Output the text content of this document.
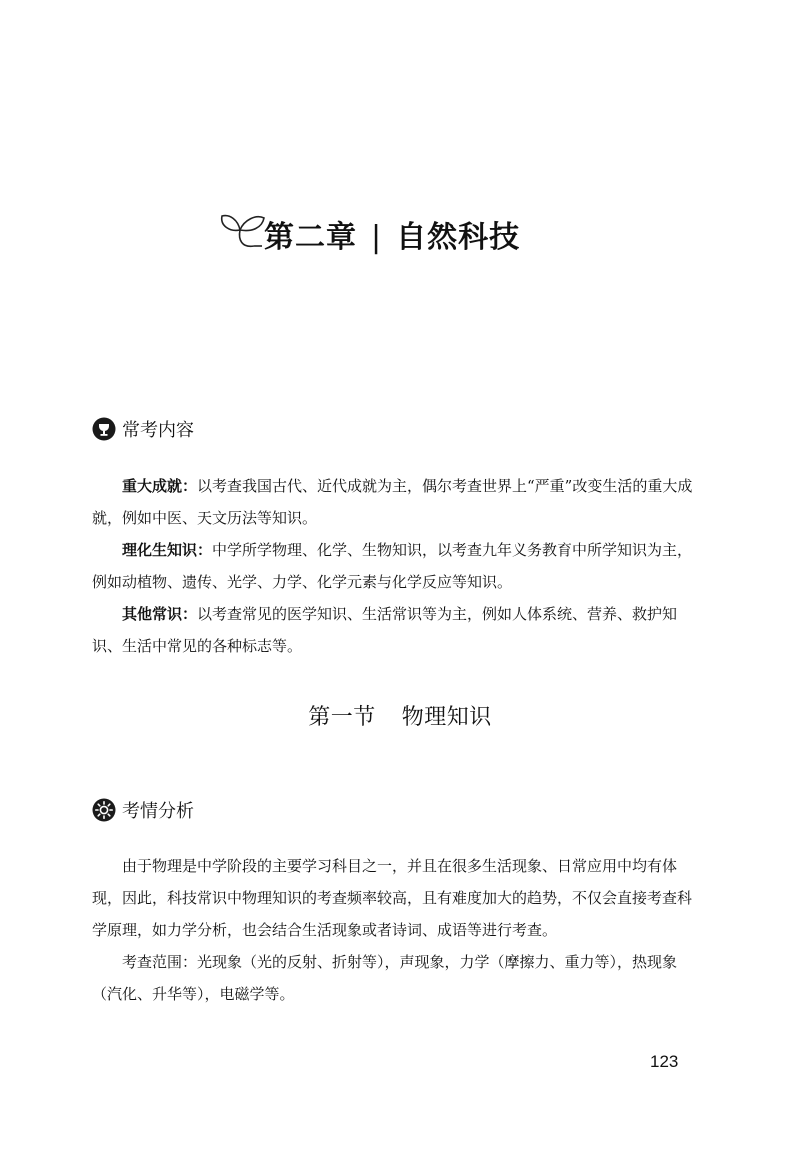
第二章 | 自然科技
常考内容

重大成就：以考查我国古代、近代成就为主，偶尔考查世界上“严重”改变生活的重大成就，例如中医、天文历法等知识。

理化生知识：中学所学物理、化学、生物知识，以考查九年义务教育中所学知识为主，例如动植物、遗传、光学、力学、化学元素与化学反应等知识。

其他常识：以考查常见的医学知识、生活常识等为主，例如人体系统、营养、救护知识、生活中常见的各种标志等。

第一节 物理知识
考情分析

由于物理是中学阶段的主要学习科目之一，并且在很多生活现象、日常应用中均有体现，因此，科技常识中物理知识的考查频率较高，且有难度加大的趋势，不仅会直接考查科学原理，如力学分析，也会结合生活现象或者诗词、成语等进行考查。

考查范围：光现象（光的反射、折射等），声现象，力学（摩擦力、重力等），热现象（汽化、升华等），电磁学等。

123
